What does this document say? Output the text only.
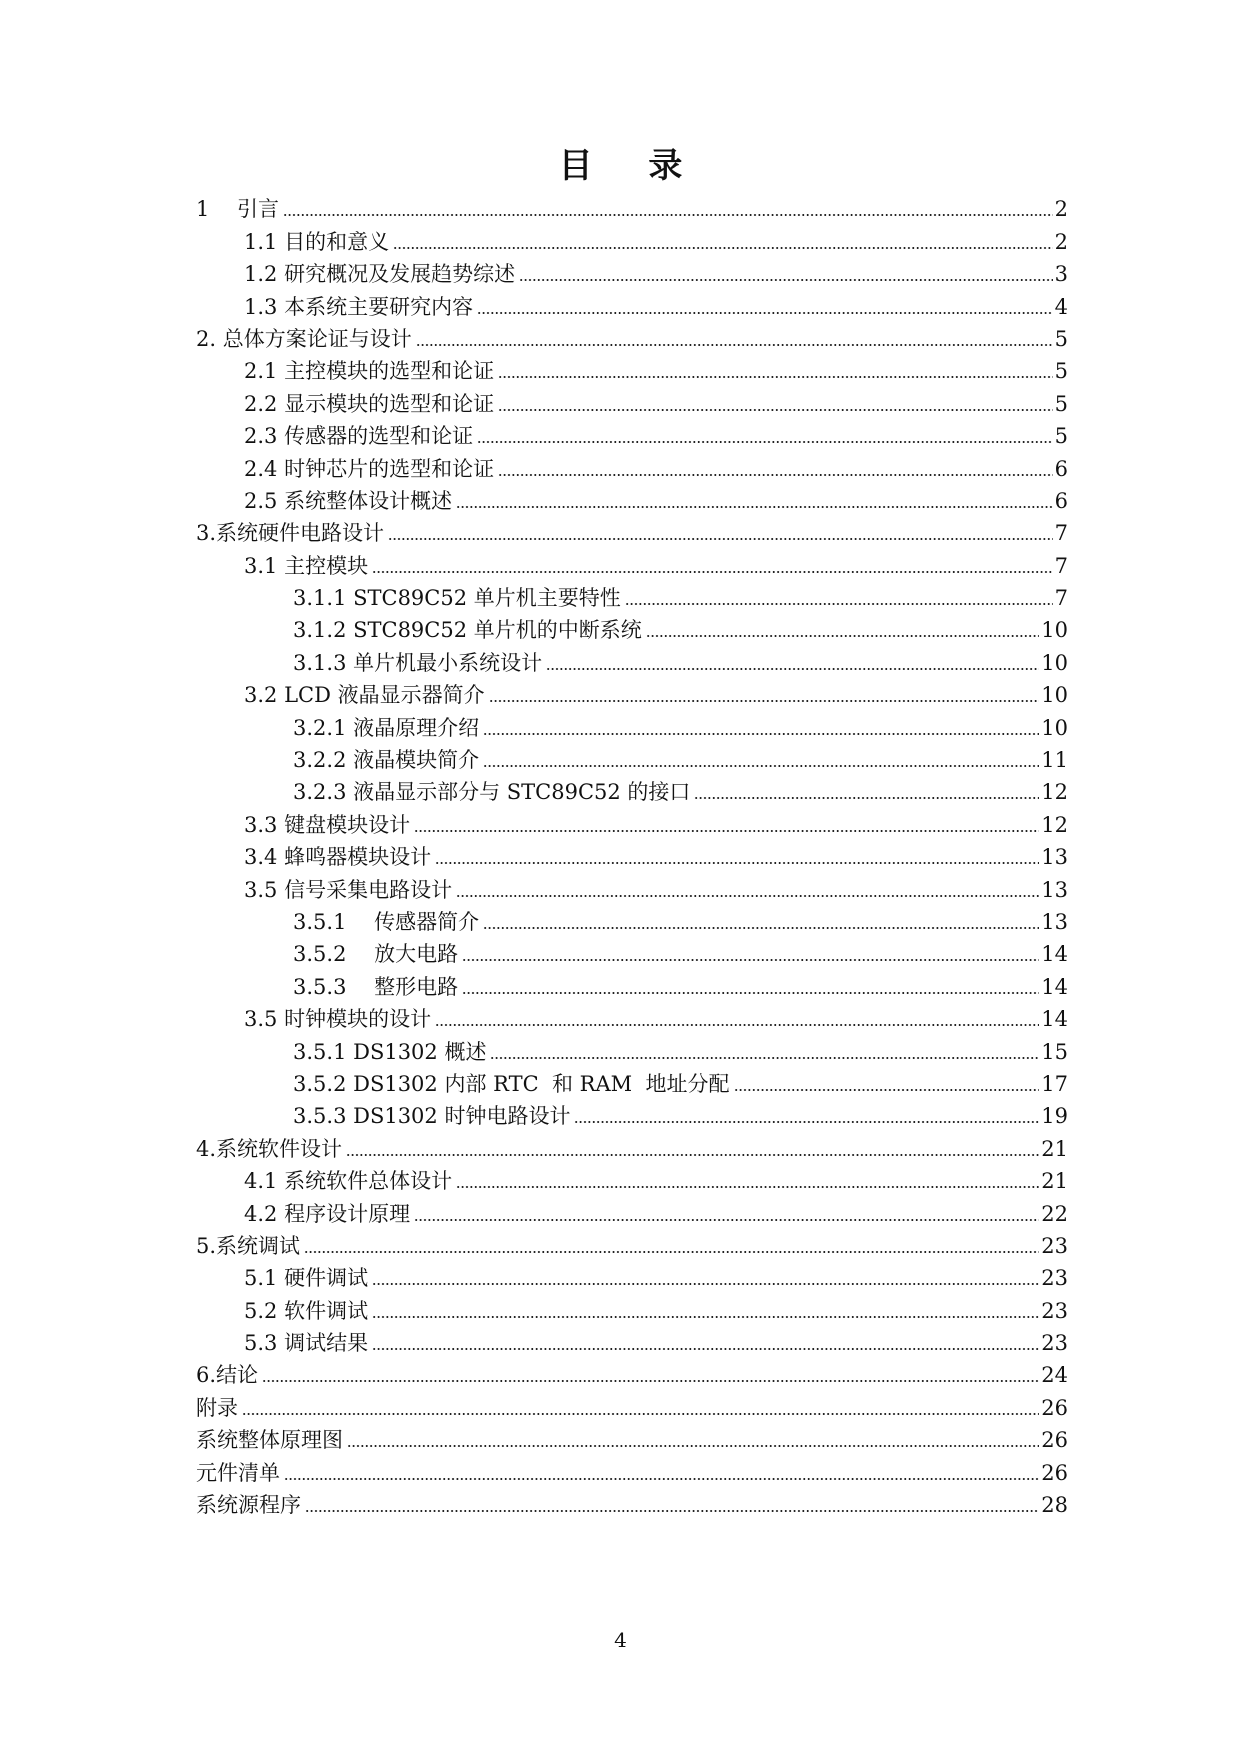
目 录
1　 引言	2
1.1 目的和意义	2
1.2 研究概况及发展趋势综述	3
1.3 本系统主要研究内容	4
2. 总体方案论证与设计	5
2.1 主控模块的选型和论证	5
2.2 显示模块的选型和论证	5
2.3 传感器的选型和论证	5
2.4 时钟芯片的选型和论证	6
2.5 系统整体设计概述	6
3. 系统硬件电路设计	7
3.1 主控模块	7
3.1.1 STC89C52 单片机主要特性	7
3.1.2 STC89C52 单片机的中断系统	10
3.1.3 单片机最小系统设计	10
3.2 LCD 液晶显示器简介	10
3.2.1 液晶原理介绍	10
3.2.2 液晶模块简介	11
3.2.3 液晶显示部分与 STC89C52 的接口	12
3.3 键盘模块设计	12
3.4 蜂鸣器模块设计	13
3.5 信号采集电路设计	13
3.5.1　 传感器简介	13
3.5.2　 放大电路	14
3.5.3　 整形电路	14
3.5 时钟模块的设计	14
3.5.1 DS1302 概述	15
3.5.2 DS1302 内部 RTC  和 RAM  地址分配	17
3.5.3 DS1302 时钟电路设计	19
4. 系统软件设计	21
4.1 系统软件总体设计	21
4.2 程序设计原理	22
5. 系统调试	23
5.1 硬件调试	23
5.2 软件调试	23
5.3 调试结果	23
6. 结论	24
附录	26
系统整体原理图	26
元件清单	26
系统源程序	28
4
